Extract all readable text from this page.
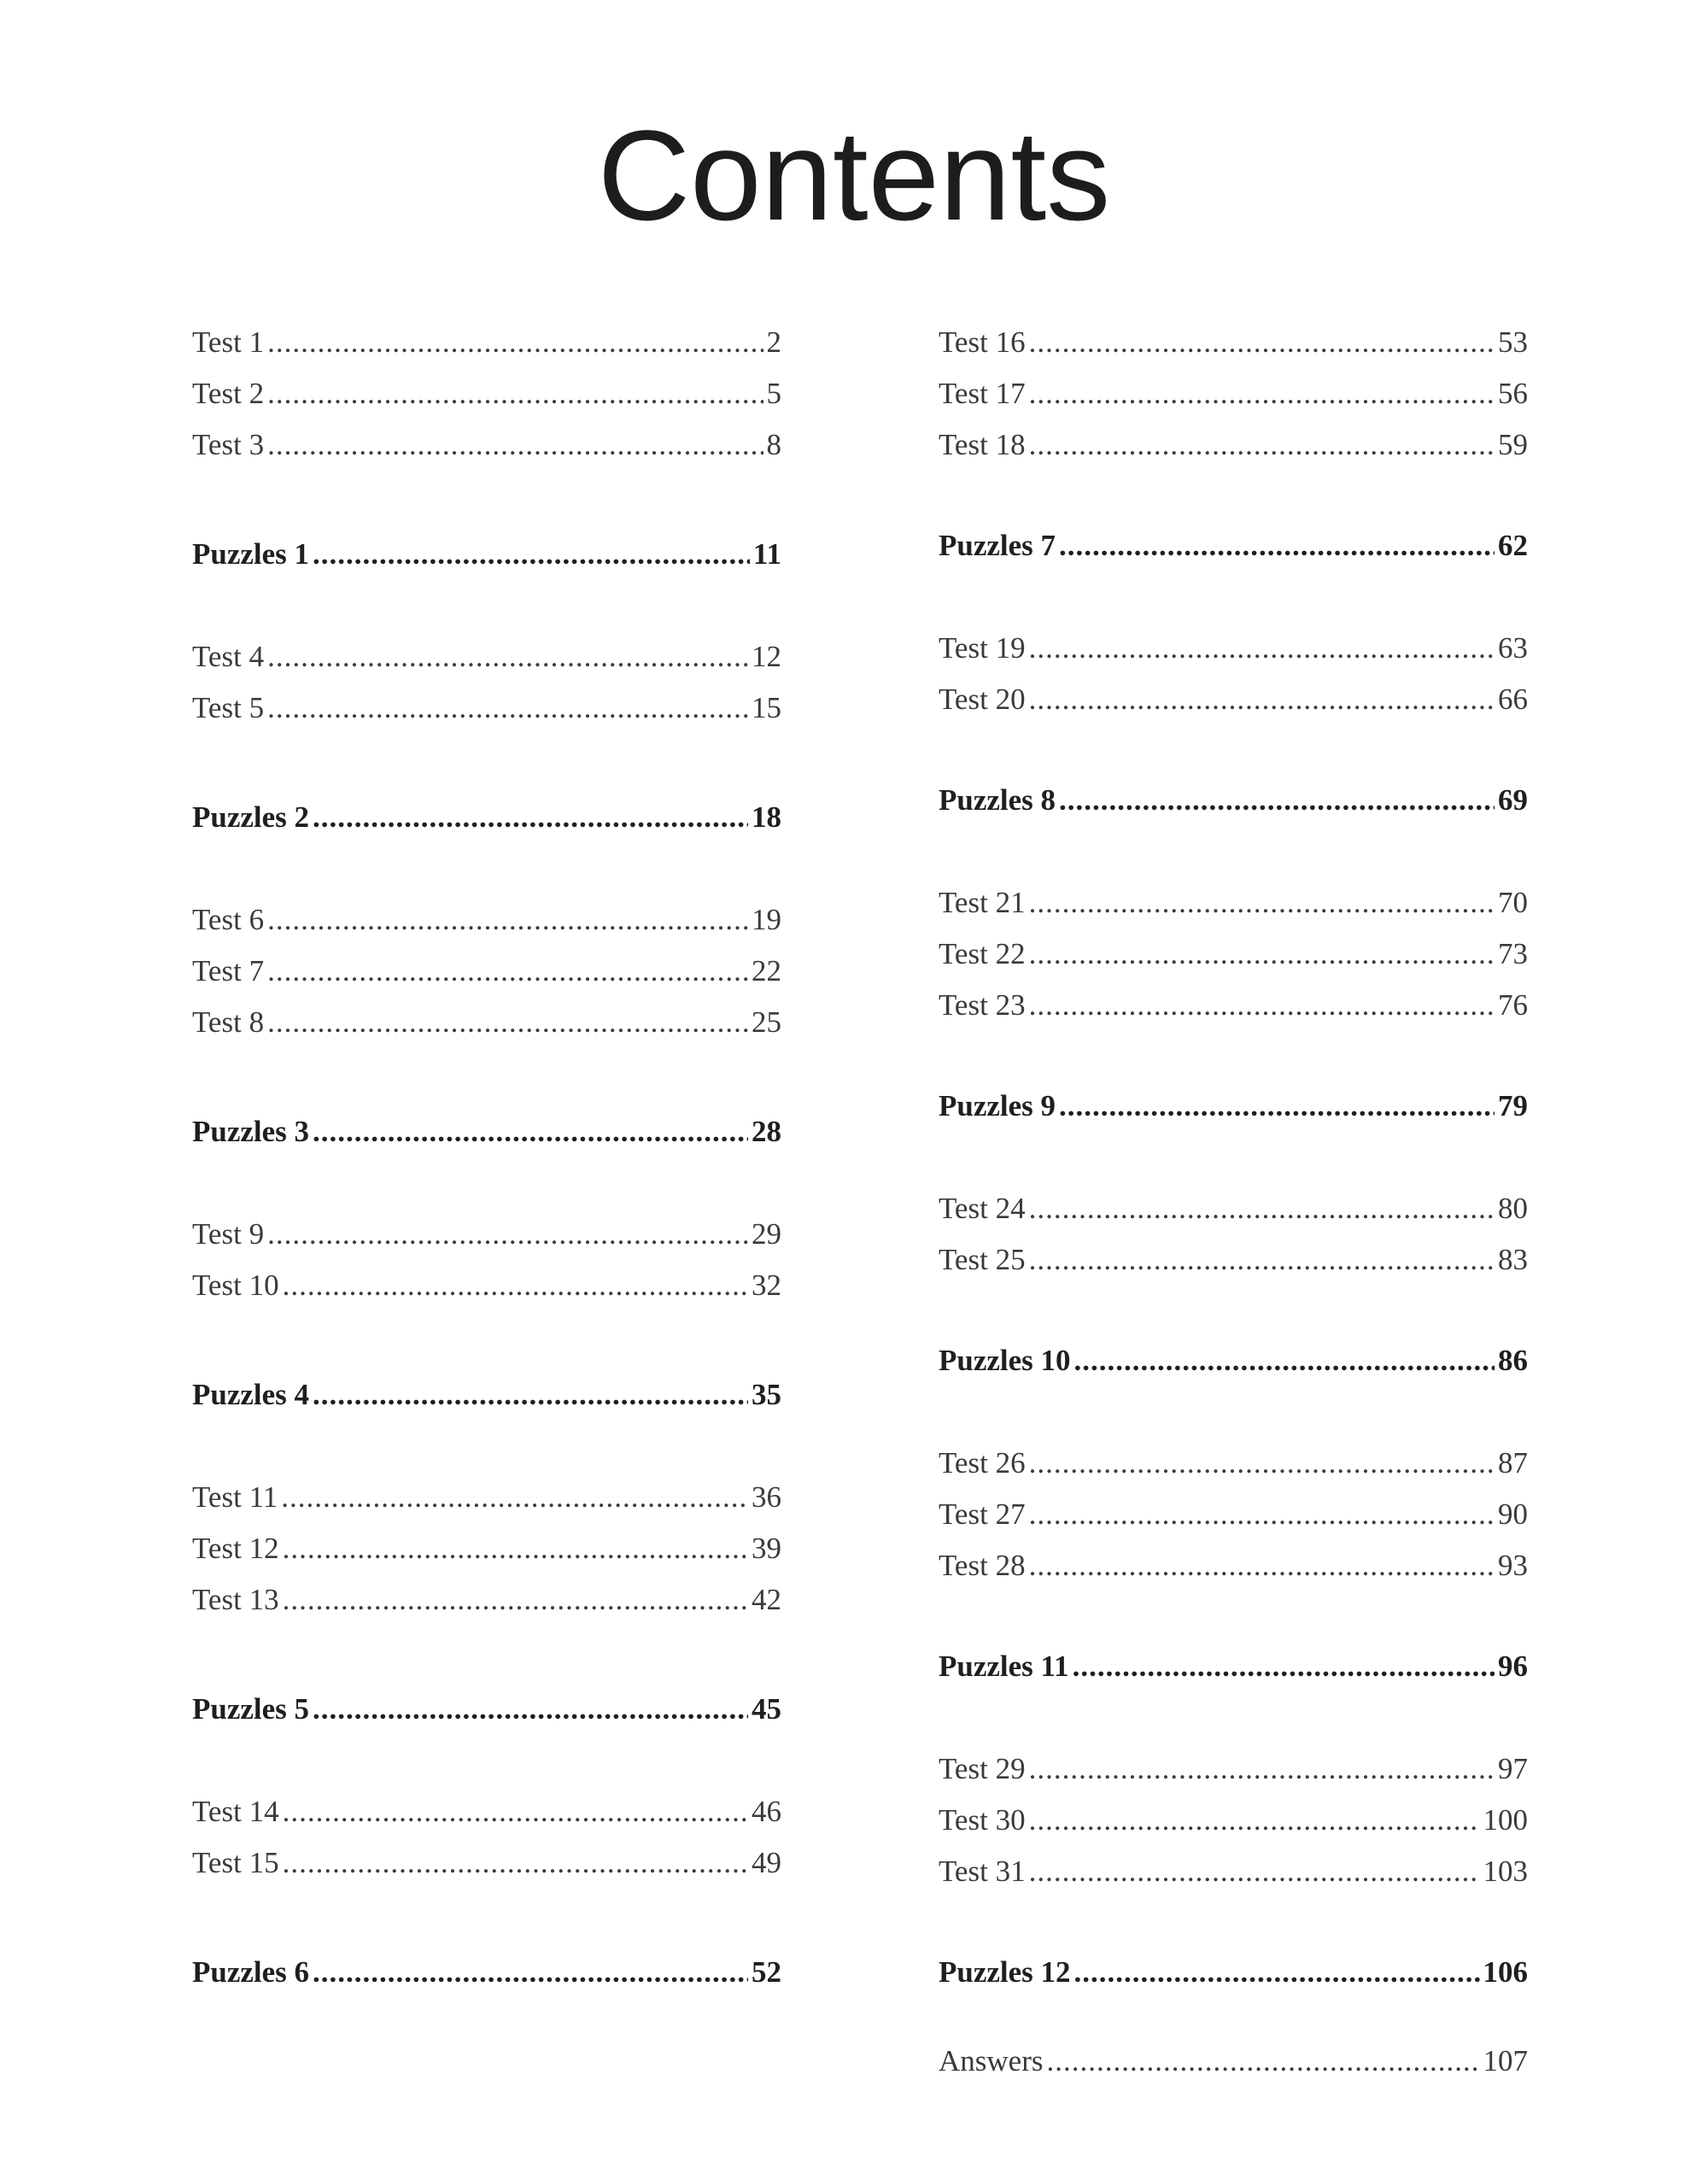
Contents
Test 1 .....	2
Test 2 .....	5
Test 3 .....	8
Puzzles 1 .....	11
Test 4 .....	12
Test 5 .....	15
Puzzles 2 .....	18
Test 6 .....	19
Test 7 .....	22
Test 8 .....	25
Puzzles 3 .....	28
Test 9 .....	29
Test 10 .....	32
Puzzles 4 .....	35
Test 11 .....	36
Test 12 .....	39
Test 13 .....	42
Puzzles 5 .....	45
Test 14 .....	46
Test 15 .....	49
Puzzles 6 .....	52
Test 16 .....	53
Test 17 .....	56
Test 18 .....	59
Puzzles 7 .....	62
Test 19 .....	63
Test 20 .....	66
Puzzles 8 .....	69
Test 21 .....	70
Test 22 .....	73
Test 23 .....	76
Puzzles 9 .....	79
Test 24 .....	80
Test 25 .....	83
Puzzles 10 .....	86
Test 26 .....	87
Test 27 .....	90
Test 28 .....	93
Puzzles 11 .....	96
Test 29 .....	97
Test 30 .....	100
Test 31 .....	103
Puzzles 12 .....	106
Answers .....	107
